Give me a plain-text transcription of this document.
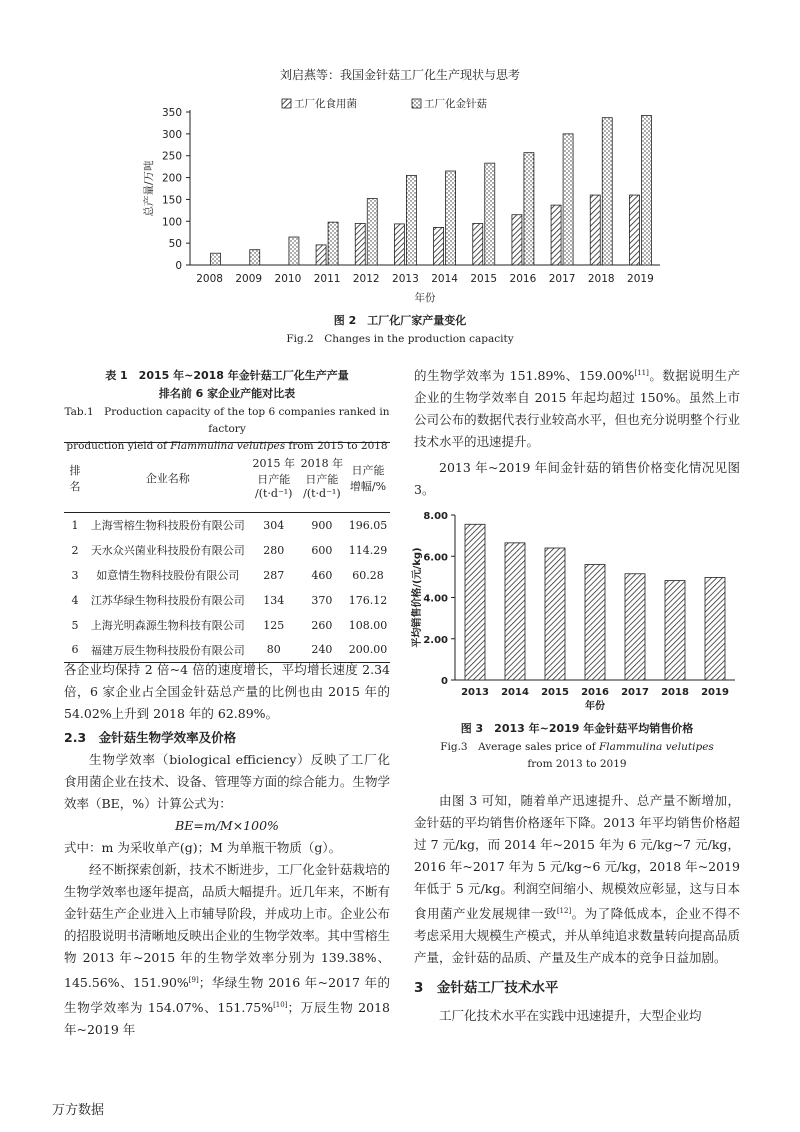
刘启燕等：我国金针菇工厂化生产现状与思考
0
50
100
150
200
250
300
350
2008 2009 2010 2011 2012 2013 2014 2015 2016 2017 2018 2019
工厂化食用菌	工厂化金针菇
总产量/万吨
年份
图 2　工厂化厂家产量变化
Fig.2　Changes in the production capacity
表 1　2015 年~2018 年金针菇工厂化生产产量
排名前 6 家企业产能对比表
Tab.1　Production capacity of the top 6 companies ranked in factory
production yield of Flammulina velutipes from 2015 to 2018
排
名	企业名称	2015 年
日产能
/(t·d⁻¹)	2018 年
日产能
/(t·d⁻¹)	日产能
增幅/%
1	上海雪榕生物科技股份有限公司	304	900	196.05
2	天水众兴菌业科技股份有限公司	280	600	114.29
3	如意情生物科技股份有限公司	287	460	60.28
4	江苏华绿生物科技股份有限公司	134	370	176.12
5	上海光明森源生物科技有限公司	125	260	108.00
6	福建万辰生物科技股份有限公司	80	240	200.00

各企业均保持 2 倍~4 倍的速度增长，平均增长速度 2.34 倍，6 家企业占全国金针菇总产量的比例也由 2015 年的 54.02%上升到 2018 年的 62.89%。

2.3　金针菇生物学效率及价格

生物学效率（biological efficiency）反映了工厂化食用菌企业在技术、设备、管理等方面的综合能力。生物学效率（BE，%）计算公式为：

BE=m/M×100%

式中：m 为采收单产(g)；M 为单瓶干物质（g）。

经不断探索创新，技术不断进步，工厂化金针菇栽培的生物学效率也逐年提高，品质大幅提升。近几年来，不断有金针菇生产企业进入上市辅导阶段，并成功上市。企业公布的招股说明书清晰地反映出企业的生物学效率。其中雪榕生物 2013 年~2015 年的生物学效率分别为 139.38%、145.56%、151.90%[9]；华绿生物 2016 年~2017 年的生物学效率为 154.07%、151.75%[10]；万辰生物 2018 年~2019 年

的生物学效率为 151.89%、159.00%[11]。数据说明生产企业的生物学效率自 2015 年起均超过 150%。虽然上市公司公布的数据代表行业较高水平，但也充分说明整个行业技术水平的迅速提升。

2013 年~2019 年间金针菇的销售价格变化情况见图 3。

0
2.00
4.00
6.00
8.00
2013 2014 2015 2016 2017 2018 2019
平均销售价格/(元/kg)
年份
图 3　2013 年~2019 年金针菇平均销售价格
Fig.3　Average sales price of Flammulina velutipes
from 2013 to 2019

由图 3 可知，随着单产迅速提升、总产量不断增加，金针菇的平均销售价格逐年下降。2013 年平均销售价格超过 7 元/kg，而 2014 年~2015 年为 6 元/kg~7 元/kg，2016 年~2017 年为 5 元/kg~6 元/kg，2018 年~2019 年低于 5 元/kg。利润空间缩小、规模效应彰显，这与日本食用菌产业发展规律一致[12]。为了降低成本，企业不得不考虑采用大规模生产模式，并从单纯追求数量转向提高品质产量，金针菇的品质、产量及生产成本的竞争日益加剧。

3　金针菇工厂技术水平

工厂化技术水平在实践中迅速提升，大型企业均

万方数据
